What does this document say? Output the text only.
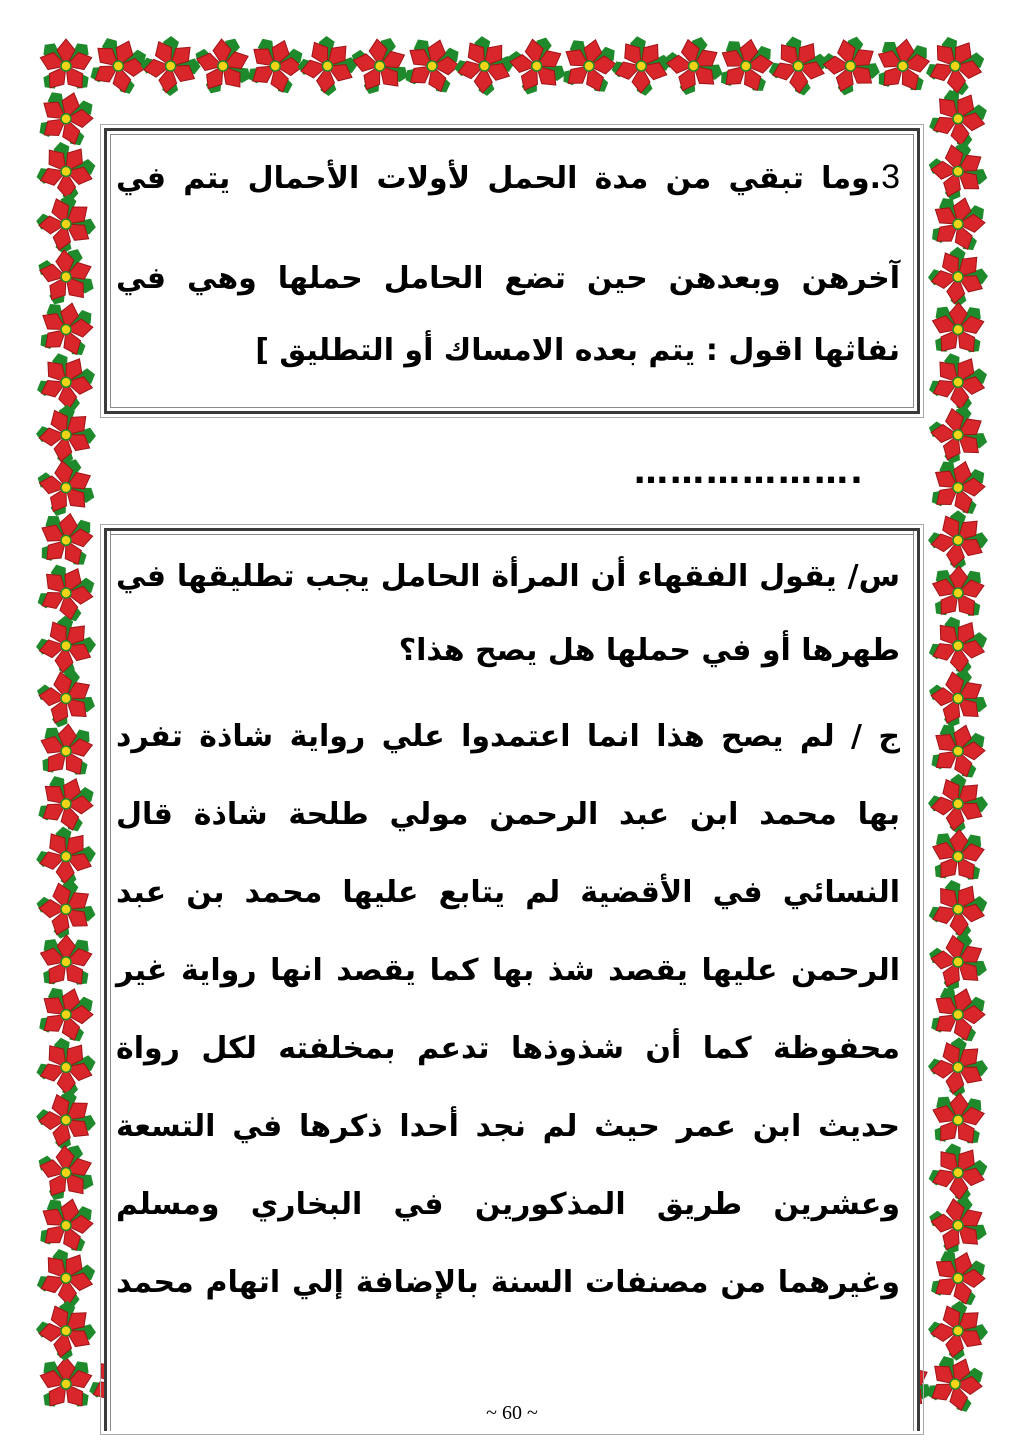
3.وما تبقي من مدة الحمل لأولات الأحمال يتم في
آخرهن وبعدهن حين تضع الحامل حملها وهي في
نفاثها اقول : يتم بعده الامساك أو التطليق ]
……………….
س/ يقول الفقهاء أن المرأة الحامل يجب تطليقها في
طهرها أو في حملها هل يصح هذا؟
ج / لم يصح هذا انما اعتمدوا علي رواية شاذة تفرد
بها محمد ابن عبد الرحمن مولي طلحة شاذة قال
النسائي في الأقضية لم يتابع عليها محمد بن عبد
الرحمن عليها يقصد شذ بها كما يقصد انها رواية غير
محفوظة كما أن شذوذها تدعم بمخلفته لكل رواة
حديث ابن عمر حيث لم نجد أحدا ذكرها في التسعة
وعشرين طريق المذكورين في البخاري ومسلم
وغيرهما من مصنفات السنة بالإضافة إلي اتهام محمد
~ 60 ~
